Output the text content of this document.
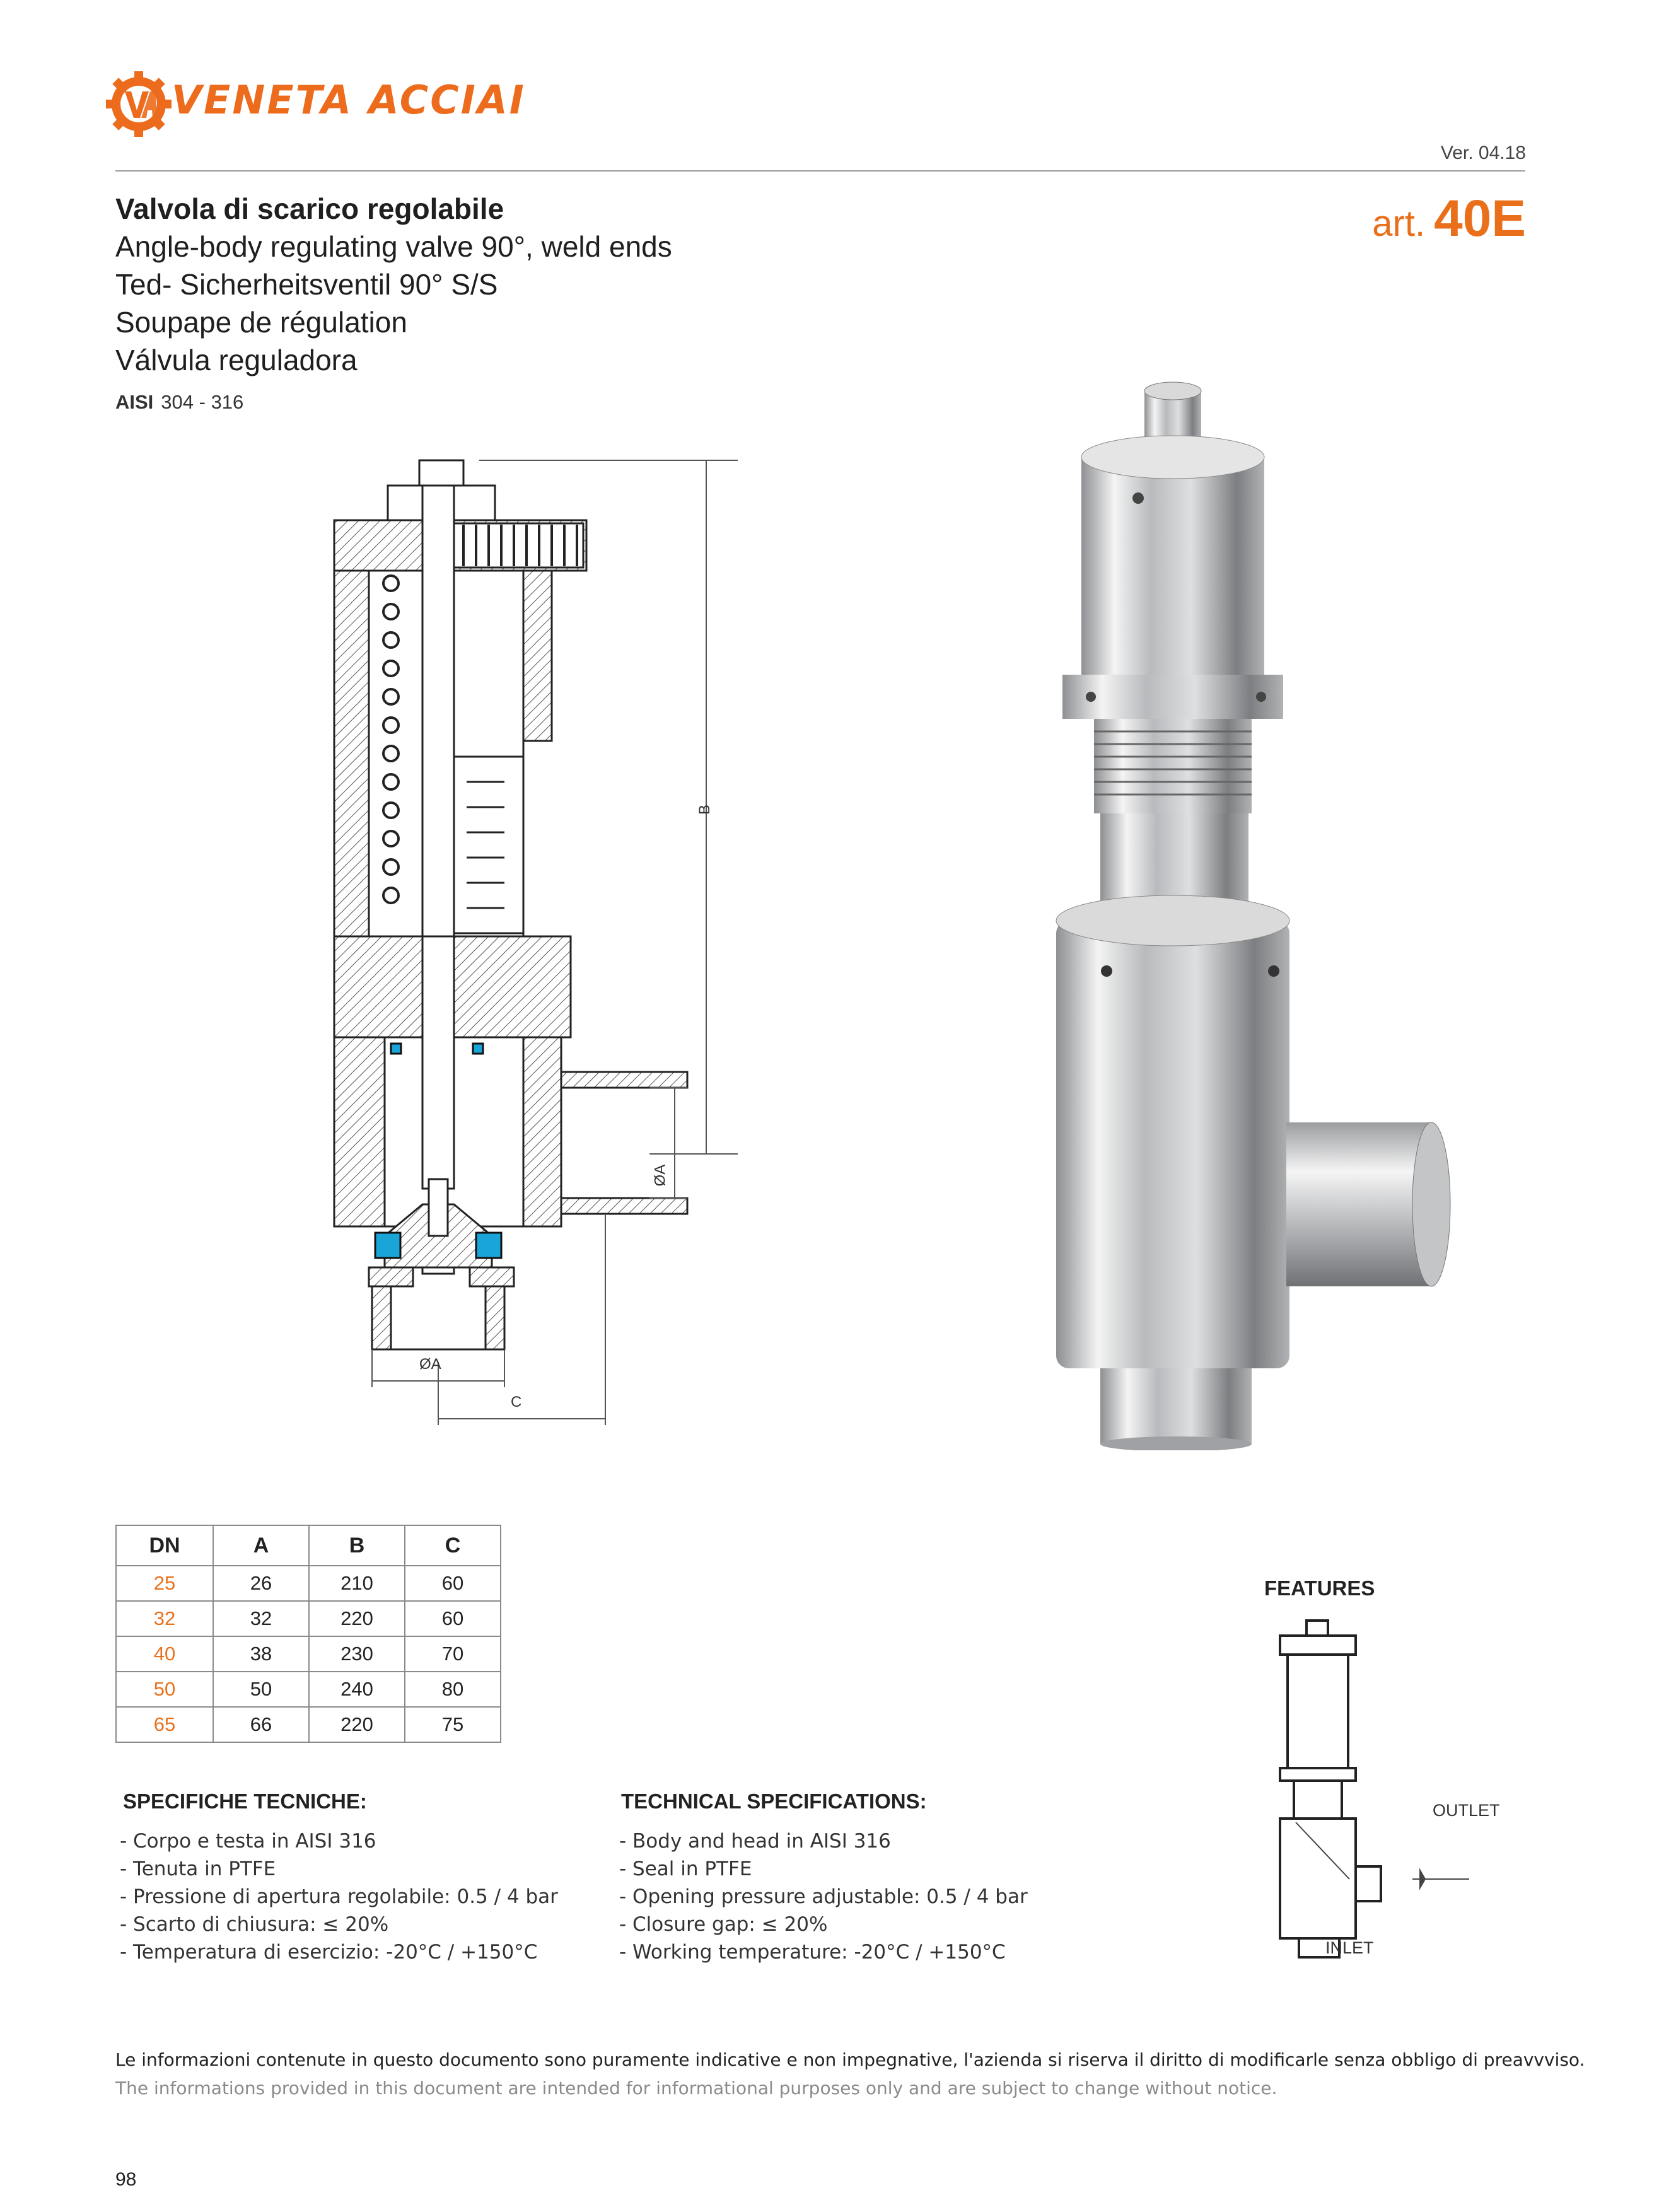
VENETA ACCIAI
Ver. 04.18
Valvola di scarico regolabile
Angle-body regulating valve 90°, weld ends
Ted- Sicherheitsventil 90° S/S
Soupape de régulation
Válvula reguladora
AISI 304 - 316
art. 40E
B
ØA
ØA
C
DN	A	B	C
25	26	210	60
32	32	220	60
40	38	230	70
50	50	240	80
65	66	220	75
FEATURES
OUTLET
INLET
SPECIFICHE TECNICHE:
- Corpo e testa in AISI 316
- Tenuta in PTFE
- Pressione di apertura regolabile: 0.5 / 4 bar
- Scarto di chiusura: ≤ 20%
- Temperatura di esercizio: -20°C / +150°C
TECHNICAL SPECIFICATIONS:
- Body and head in AISI 316
- Seal in PTFE
- Opening pressure adjustable: 0.5 / 4 bar
- Closure gap: ≤ 20%
- Working temperature: -20°C / +150°C
Le informazioni contenute in questo documento sono puramente indicative e non impegnative, l'azienda si riserva il diritto di modificarle senza obbligo di preavvviso.
The informations provided in this document are intended for informational purposes only and are subject to change without notice.
98
